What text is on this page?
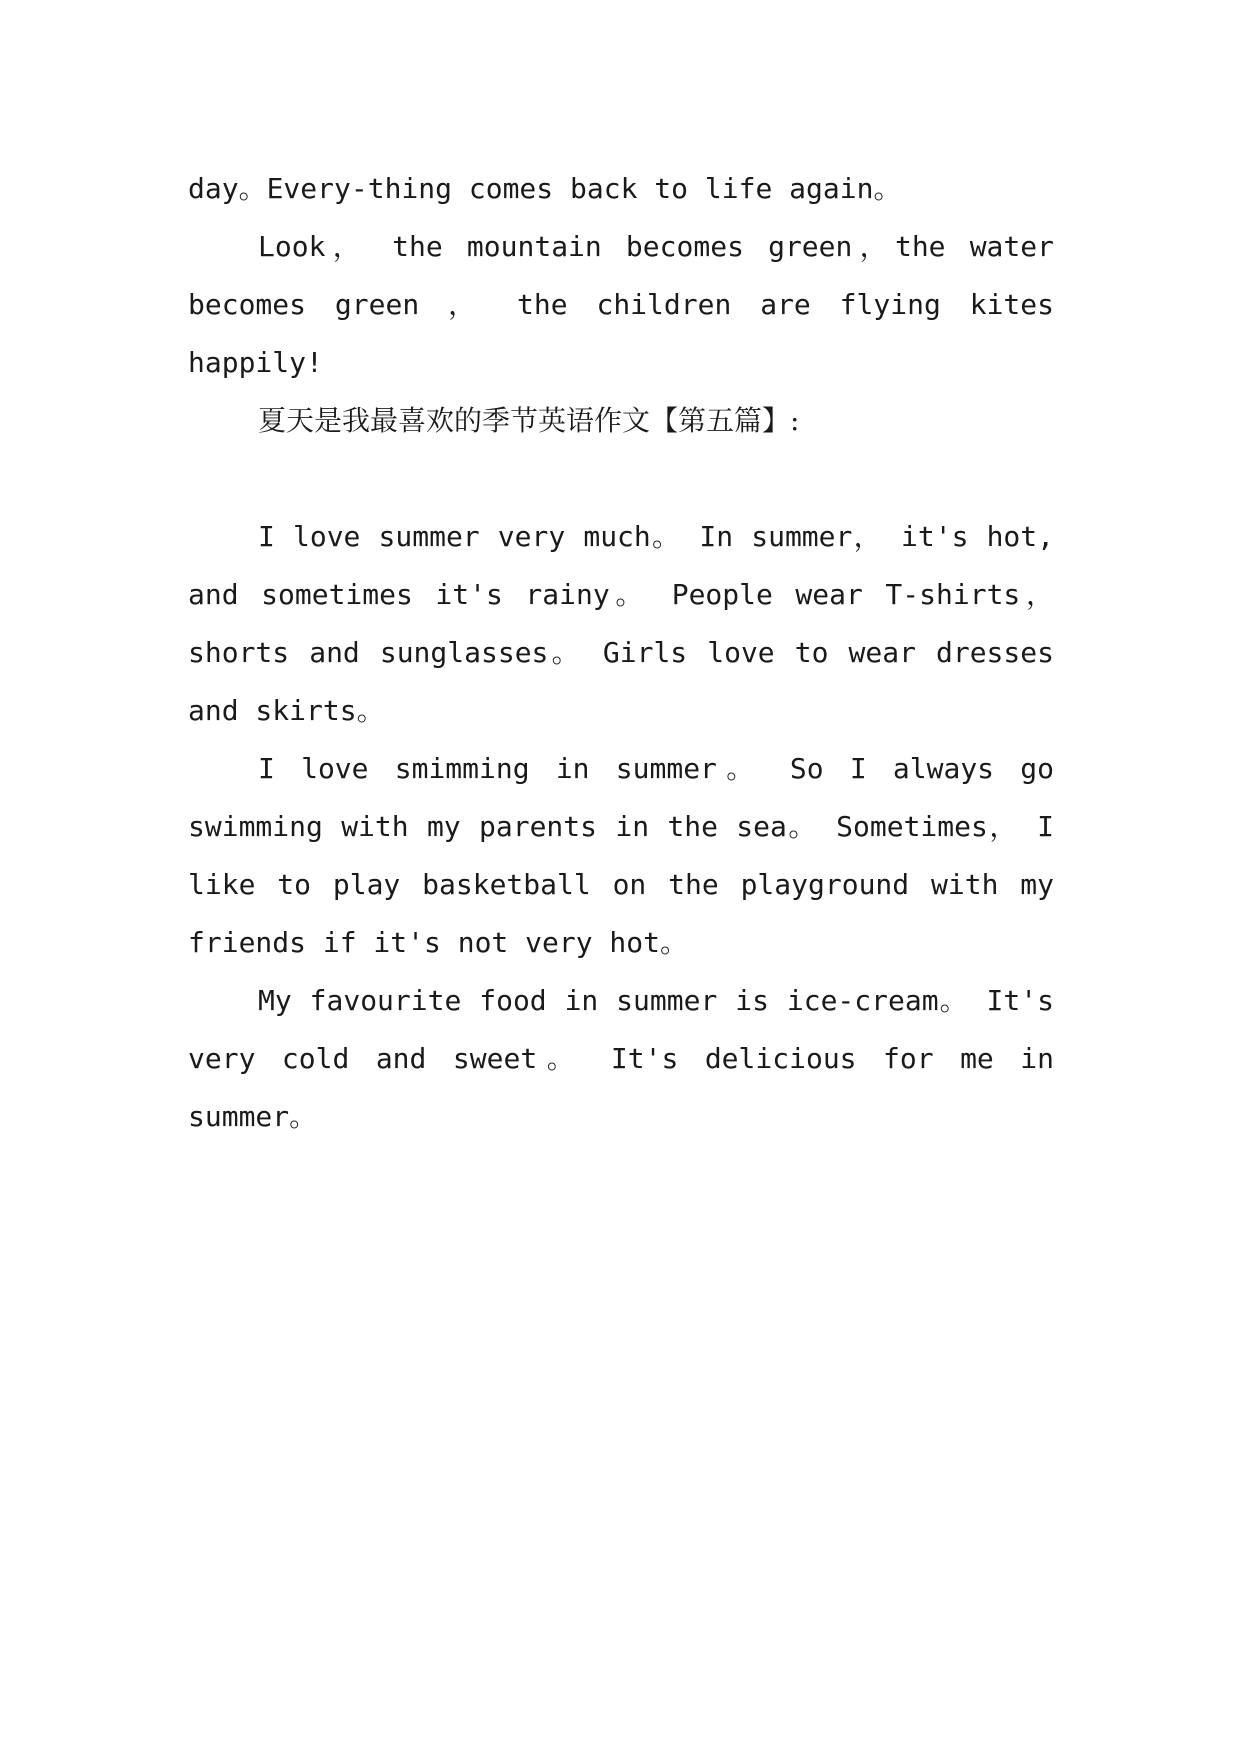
day。Every-thing comes back to life again。

Look， the mountain becomes green，the water becomes green ， the children are flying kites happily!

夏天是我最喜欢的季节英语作文【第五篇】:

I love summer very much。 In summer， it's hot, and sometimes it's rainy。 People wear T-shirts， shorts and sunglasses。 Girls love to wear dresses and skirts。

I love smimming in summer。 So I always go swimming with my parents in the sea。 Sometimes， I like to play basketball on the playground with my friends if it's not very hot。

My favourite food in summer is ice-cream。 It's very cold and sweet。 It's delicious for me in summer。
